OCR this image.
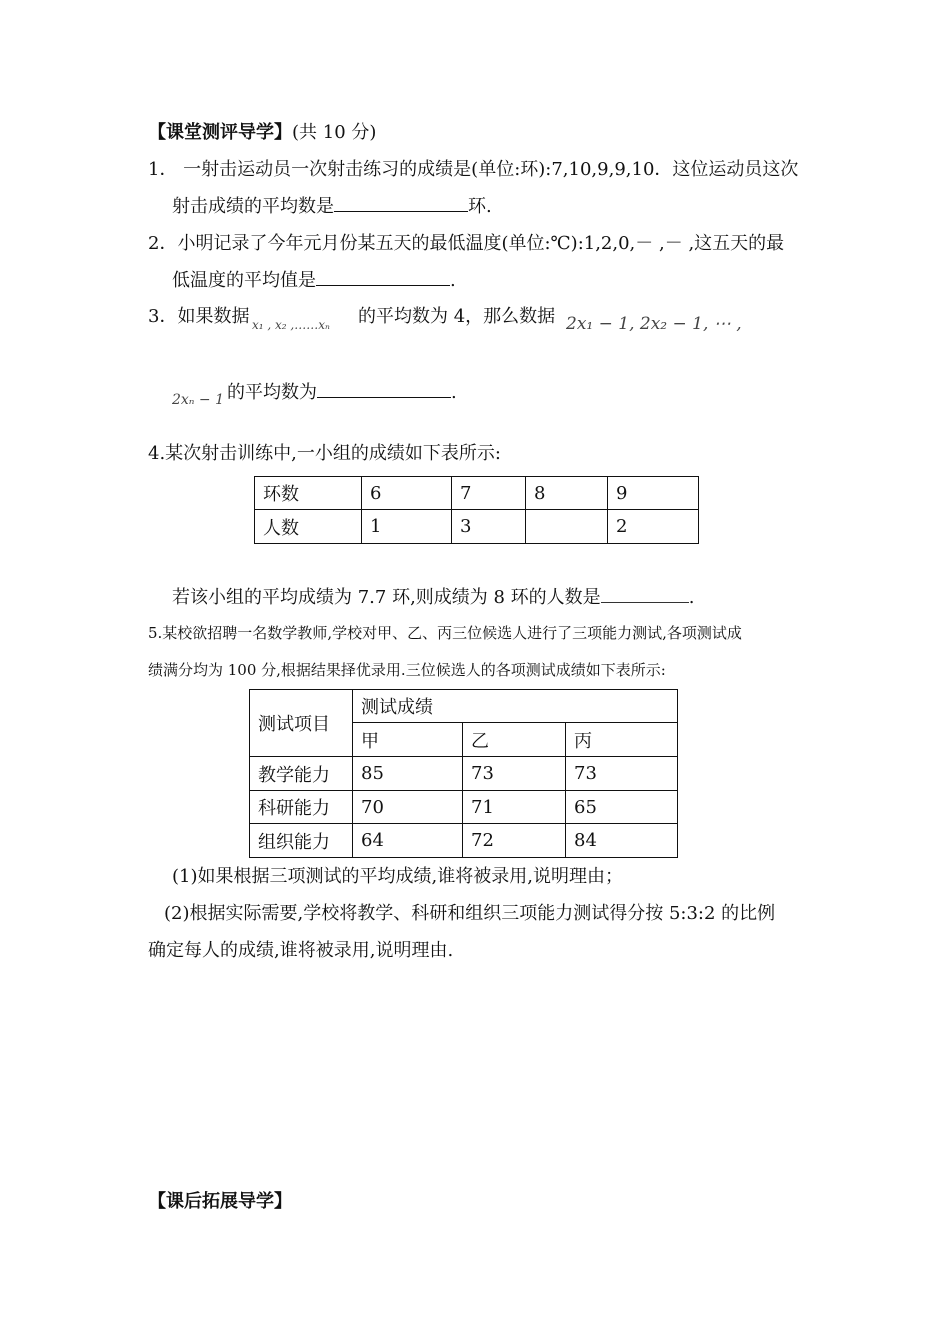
【课堂测评导学】(共 10 分)
1． 一射击运动员一次射击练习的成绩是(单位:环):7,10,9,9,10．这位运动员这次
射击成绩的平均数是	环.
2．小明记录了今年元月份某五天的最低温度(单位:℃):1,2,0,－ ,－ ,这五天的最
低温度的平均值是	.
3．如果数据 x₁ , x₂ ,……xₙ 的平均数为 4，那么数据 2x₁ − 1, 2x₂ − 1, ⋯ ,
2xₙ − 1 的平均数为	.
4.某次射击训练中,一小组的成绩如下表所示:
环数	6	7	8	9
人数	1	3		2
若该小组的平均成绩为 7.7 环,则成绩为 8 环的人数是	.
5.某校欲招聘一名数学教师,学校对甲、乙、丙三位候选人进行了三项能力测试,各项测试成
绩满分均为 100 分,根据结果择优录用.三位候选人的各项测试成绩如下表所示:
测试项目	测试成绩		
	甲	乙	丙
教学能力	85	73	73
科研能力	70	71	65
组织能力	64	72	84
(1)如果根据三项测试的平均成绩,谁将被录用,说明理由；
(2)根据实际需要,学校将教学、科研和组织三项能力测试得分按 5:3:2 的比例
确定每人的成绩,谁将被录用,说明理由.
【课后拓展导学】
